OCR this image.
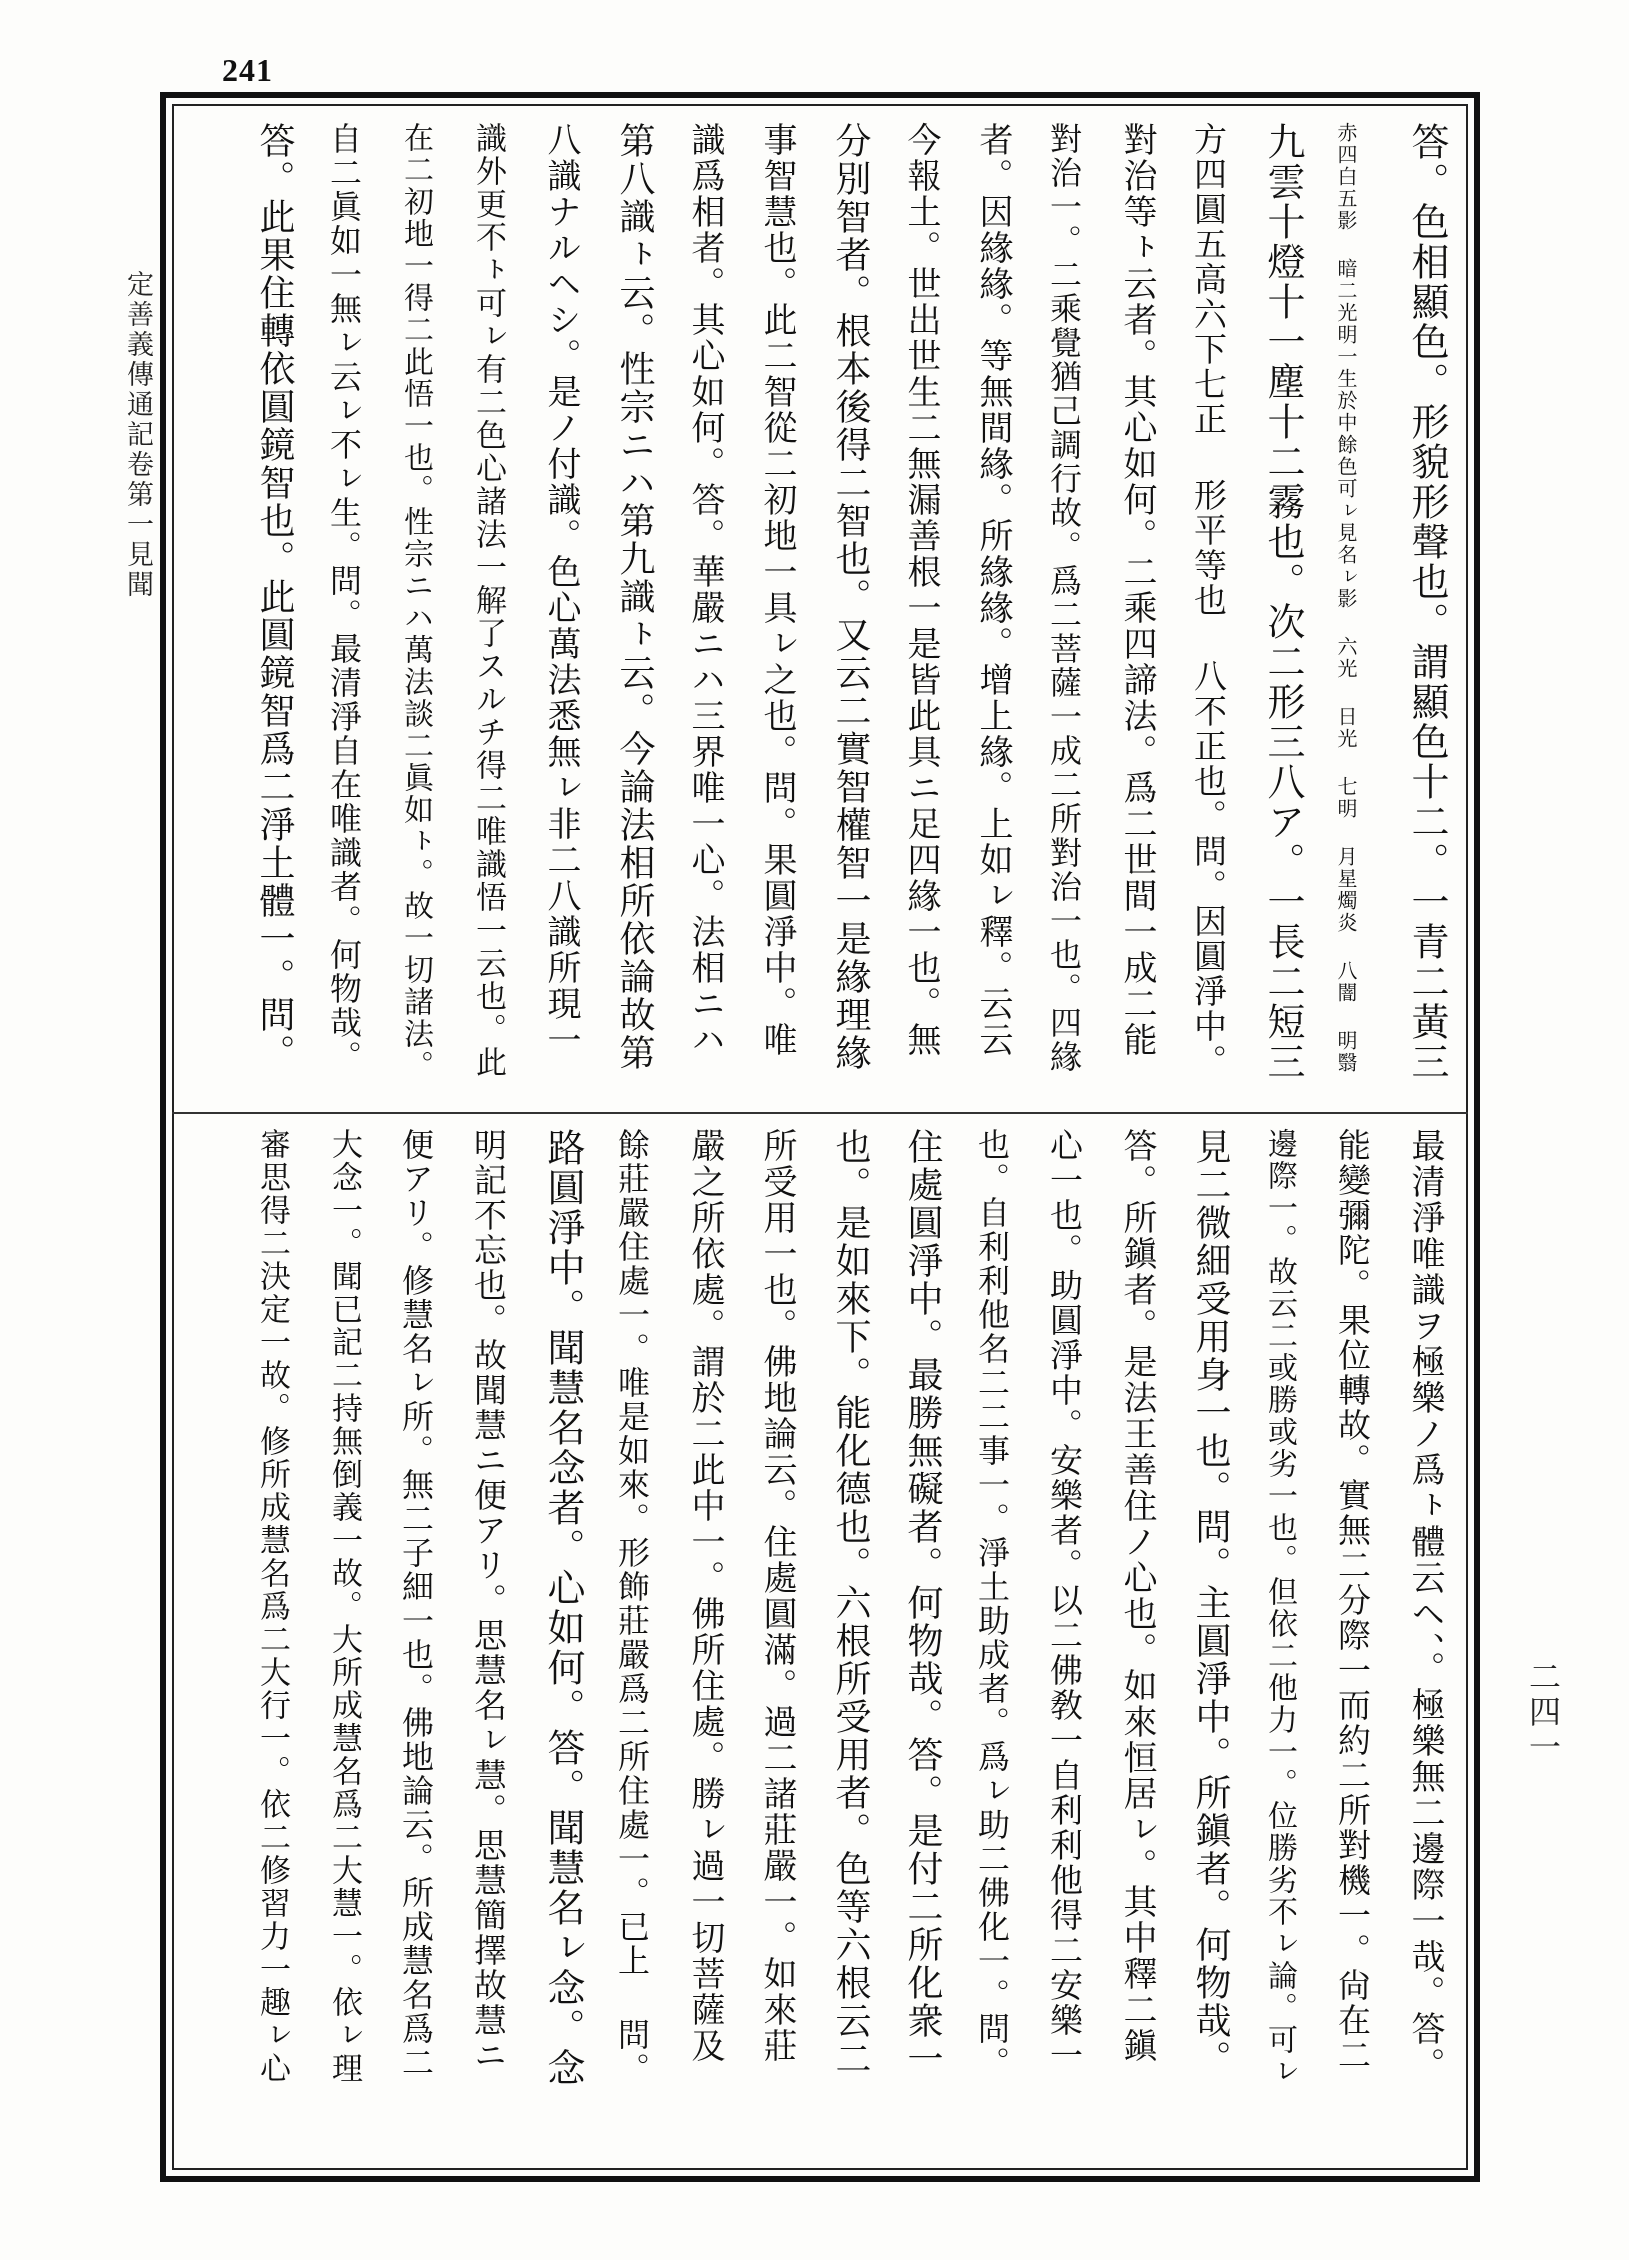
241
定善義傳通記卷第一見聞
二四一
答。色相顯色。形貌形聲也。謂顯色十二。一青二黃三
赤四白五影 暗二光明一生於中餘色可ㇾ見名ㇾ影 六光 日光 七明 月星燭炎 八闇 明翳
九雲十燈十一塵十二霧也。次二形三八ア。一長二短三
方四圓五高六下七正 形平等也 八不正也。問。因圓淨中。
對治等ㇳ云者。其心如何。二乘四諦法。爲二世間一成二能
對治一。二乘覺猶己調行故。爲二菩薩一成二所對治一也。四緣
者。因緣緣。等無間緣。所緣緣。增上緣。上如ㇾ釋。云云
今報土。世出世生二無漏善根一是皆此具ニ足四緣一也。無
分別智者。根本後得二智也。又云二實智權智一是緣理緣
事智慧也。此二智從二初地一具ㇾ之也。問。果圓淨中。唯
識爲相者。其心如何。答。華嚴ニハ三界唯一心。法相ニハ
第八識ㇳ云。性宗ニハ第九識ㇳ云。今論法相所依論故第
八識ナルヘシ。是ノ付識。色心萬法悉無ㇾ非二八識所現一
識外更不ㇳ可ㇾ有二色心諸法一解了スルチ得二唯識悟一云也。此
在二初地一得二此悟一也。性宗ニハ萬法談二眞如ㇳ。故一切諸法。
自二眞如一無ㇾ云ㇾ不ㇾ生。問。最清淨自在唯識者。何物哉。
答。此果住轉依圓鏡智也。此圓鏡智爲二淨土體一。問。
最清淨唯識ヲ極樂ノ爲ㇳ體云ヘ、。極樂無二邊際一哉。答。
能變彌陀。果位轉故。實無二分際一而約二所對機一。尙在二
邊際一。故云二或勝或劣一也。但依二他力一。位勝劣不ㇾ論。可ㇾ
見二微細受用身一也。問。主圓淨中。所鎭者。何物哉。
答。所鎭者。是法王善住ノ心也。如來恒居ㇾ。其中釋二鎭
心一也。助圓淨中。安樂者。以二佛敎一自利利他得二安樂一
也。自利利他名二二事一。淨土助成者。爲ㇾ助二佛化一。問。
住處圓淨中。最勝無礙者。何物哉。答。是付二所化衆一
也。是如來下。能化德也。六根所受用者。色等六根云二
所受用一也。佛地論云。住處圓滿。過二諸莊嚴一。如來莊
嚴之所依處。謂於二此中一。佛所住處。勝ㇾ過一切菩薩及
餘莊嚴住處一。唯是如來。形飾莊嚴爲二所住處一。已上 問。
路圓淨中。聞慧名念者。心如何。答。聞慧名ㇾ念。念
明記不忘也。故聞慧ニ便アリ。思慧名ㇾ慧。思慧簡擇故慧ニ
便アリ。修慧名ㇾ所。無二子細一也。佛地論云。所成慧名爲二
大念一。聞已記二持無倒義一故。大所成慧名爲二大慧一。依ㇾ理
審思得二決定一故。修所成慧名爲二大行一。依二修習力一趣ㇾ心
